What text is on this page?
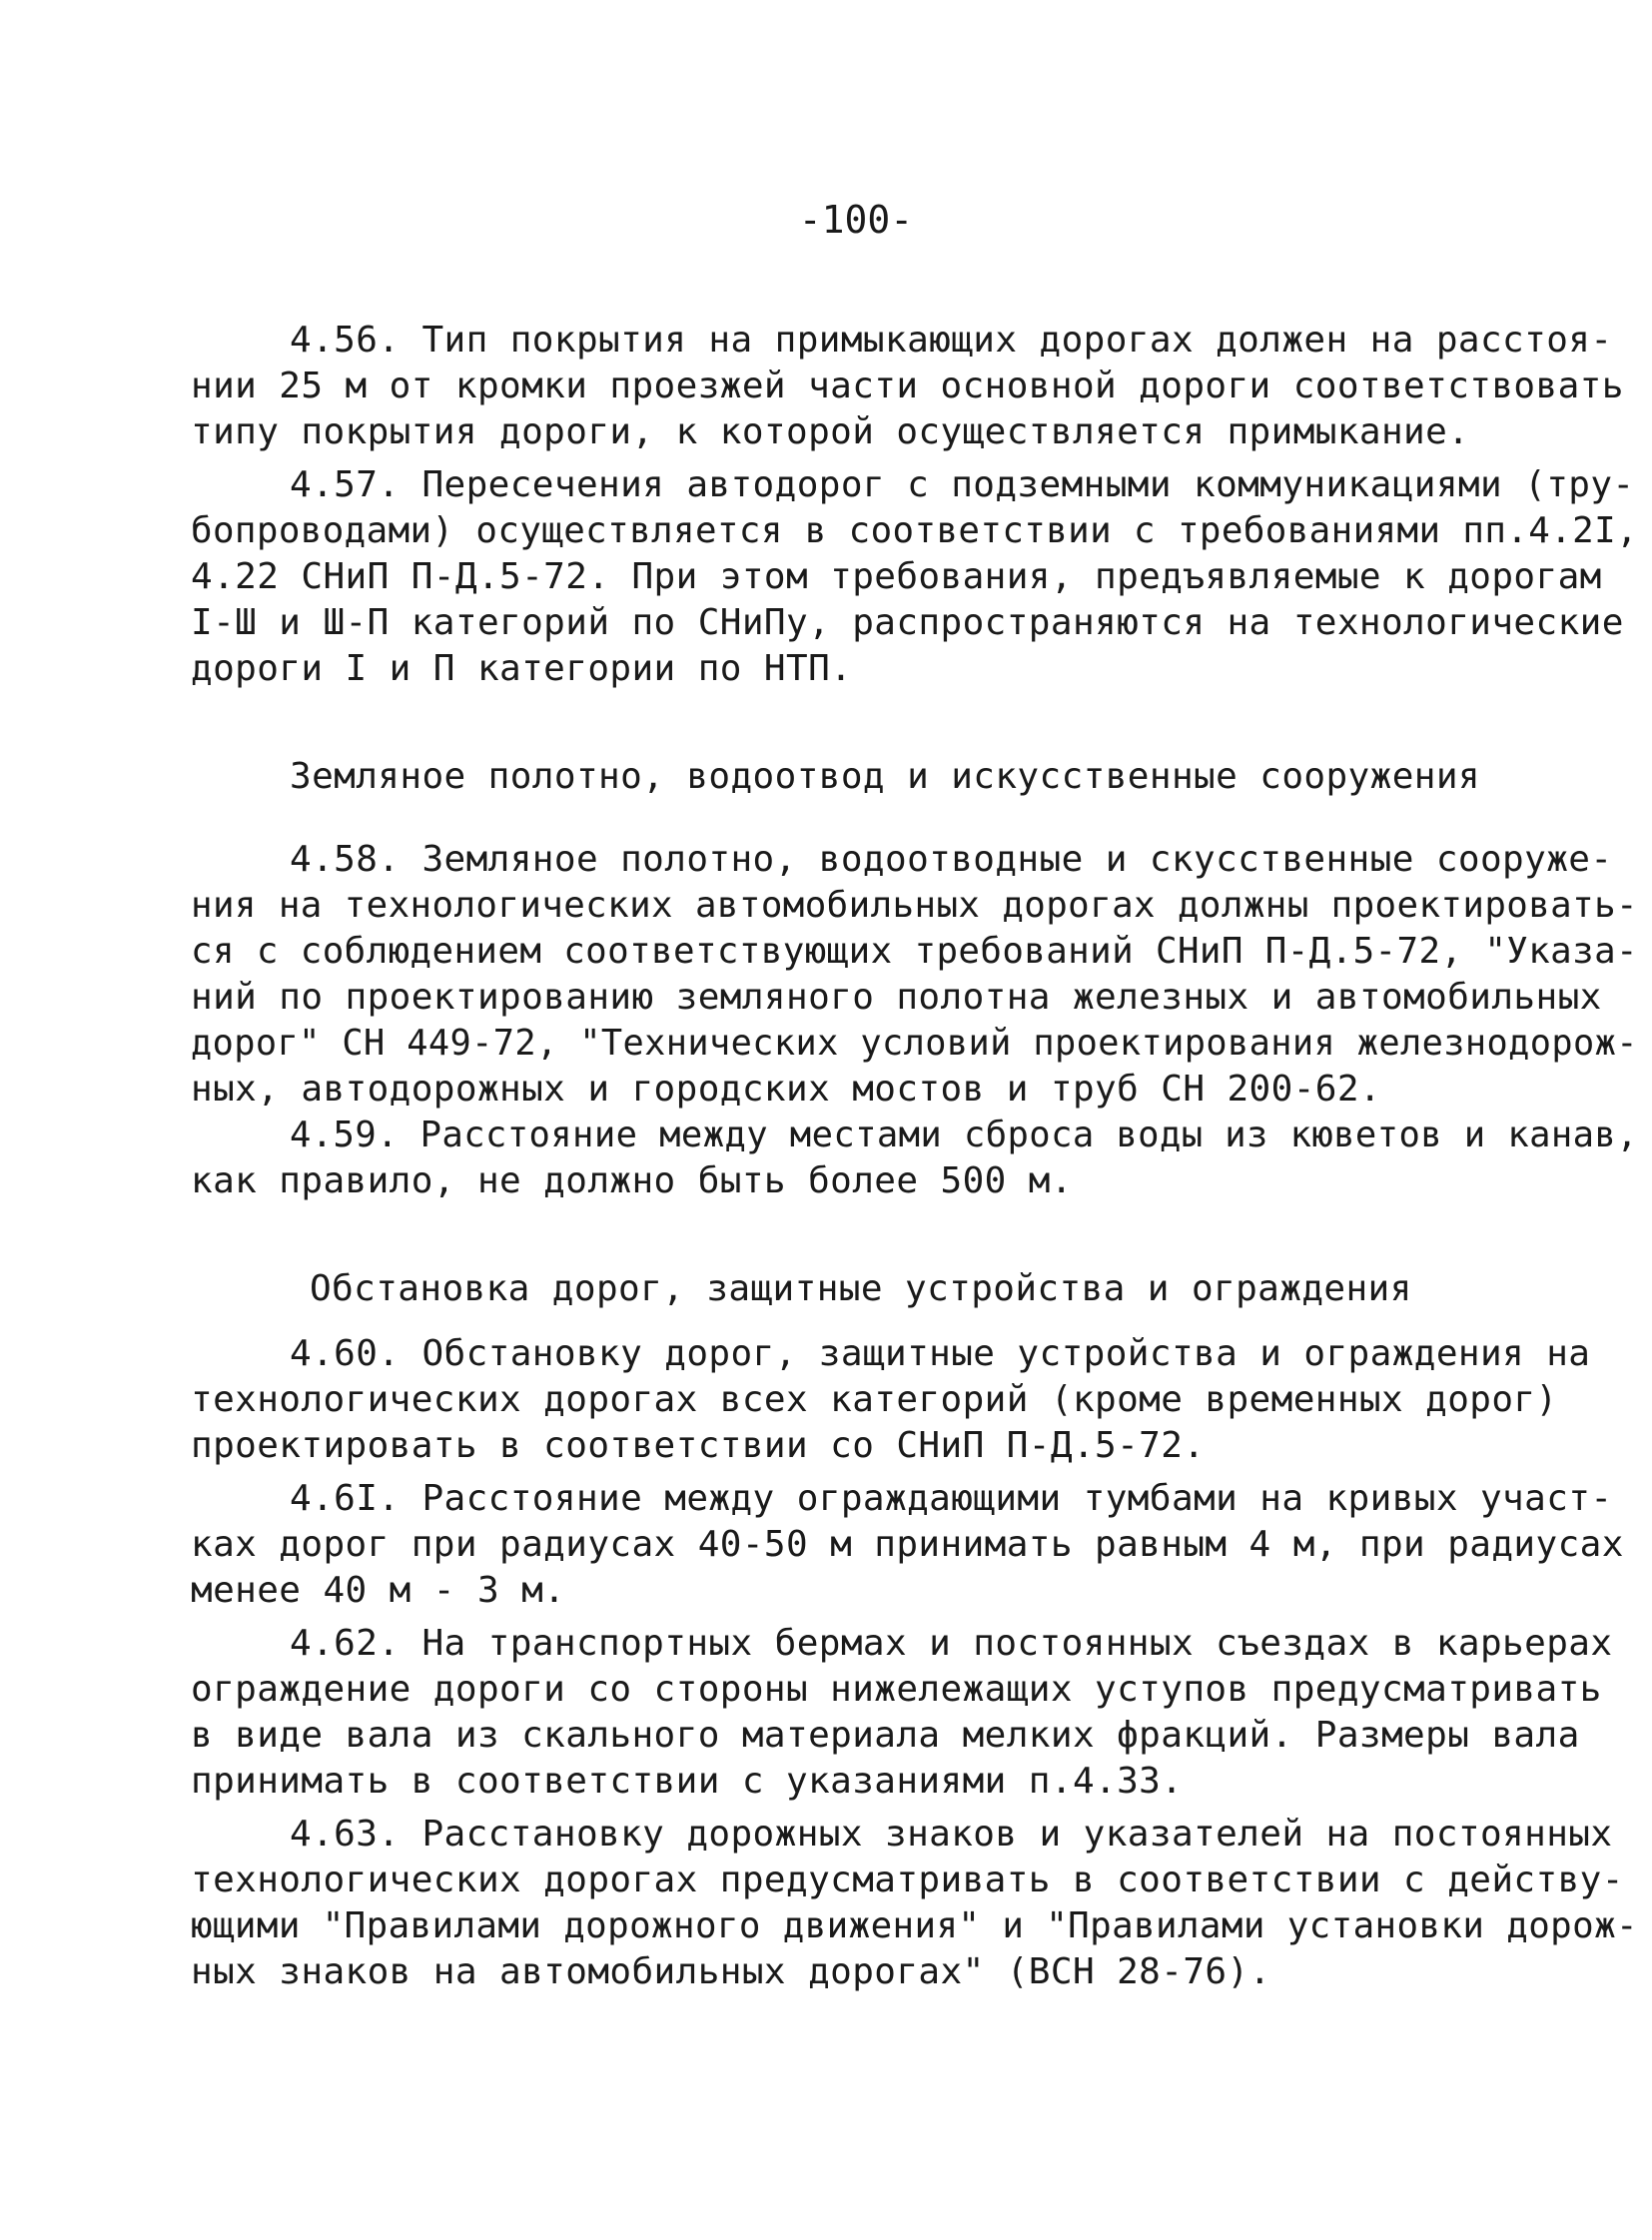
-100-
4.56. Тип покрытия на примыкающих дорогах должен на расстоя-
нии 25 м от кромки проезжей части основной дороги соответствовать
типу покрытия дороги, к которой осуществляется примыкание.
4.57. Пересечения автодорог с подземными коммуникациями (тру-
бопроводами) осуществляется в соответствии с требованиями пп.4.2I,
4.22 СНиП П-Д.5-72. При этом требования, предъявляемые к дорогам
I-Ш и Ш-П категорий по СНиПу, распространяются на технологические
дороги I и П категории по НТП.
Земляное полотно, водоотвод и искусственные сооружения
4.58. Земляное полотно, водоотводные и скусственные сооруже-
ния на технологических автомобильных дорогах должны проектировать-
ся с соблюдением соответствующих требований СНиП П-Д.5-72, "Указа-
ний по проектированию земляного полотна железных и автомобильных
дорог" СН 449-72, "Технических условий проектирования железнодорож-
ных, автодорожных и городских мостов и труб СН 200-62.
4.59. Расстояние между местами сброса воды из кюветов и канав,
как правило, не должно быть более 500 м.
Обстановка дорог, защитные устройства и ограждения
4.60. Обстановку дорог, защитные устройства и ограждения на
технологических дорогах всех категорий (кроме временных дорог)
проектировать в соответствии со СНиП П-Д.5-72.
4.6I. Расстояние между ограждающими тумбами на кривых участ-
ках дорог при радиусах 40-50 м принимать равным 4 м, при радиусах
менее 40 м - 3 м.
4.62. На транспортных бермах и постоянных съездах в карьерах
ограждение дороги со стороны нижележащих уступов предусматривать
в виде вала из скального материала мелких фракций. Размеры вала
принимать в соответствии с указаниями п.4.33.
4.63. Расстановку дорожных знаков и указателей на постоянных
технологических дорогах предусматривать в соответствии с действу-
ющими "Правилами дорожного движения" и "Правилами установки дорож-
ных знаков на автомобильных дорогах" (ВСН 28-76).
